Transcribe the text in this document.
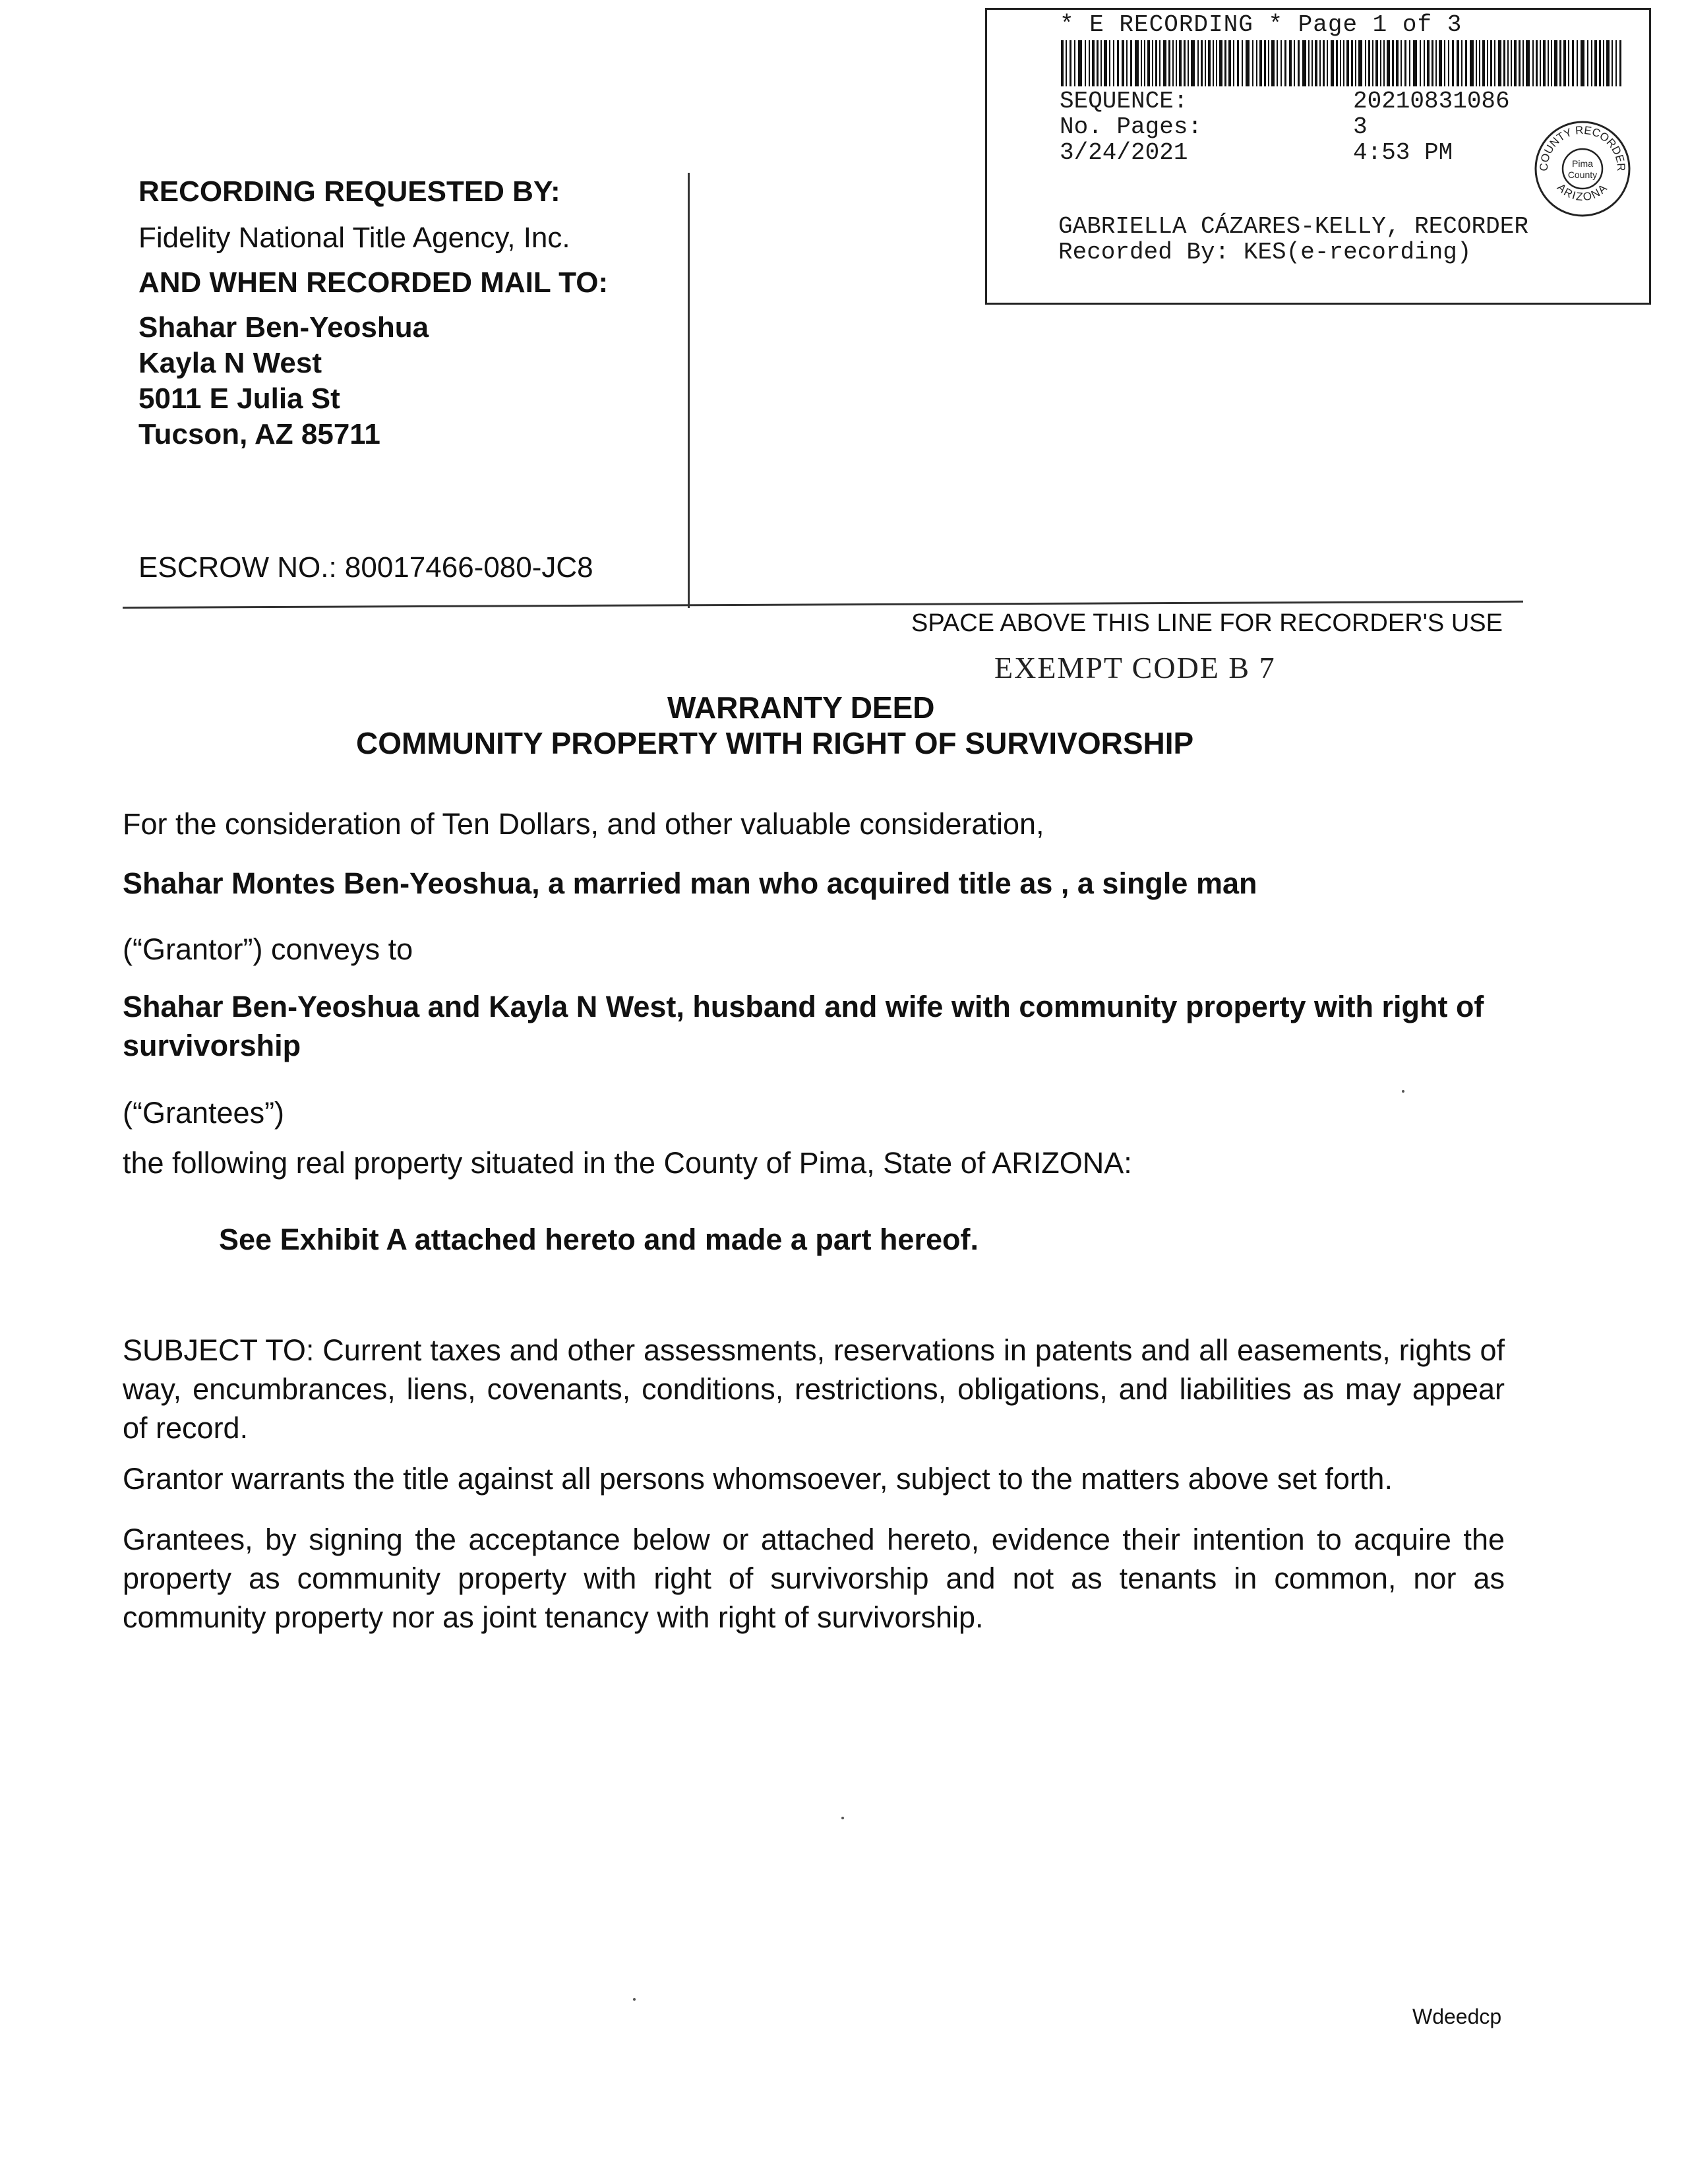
* E RECORDING * Page 1 of 3
SEQUENCE:	20210831086
No. Pages:	3
3/24/2021	4:53 PM
COUNTY RECORDER
ARIZONA
Pima
County
GABRIELLA CÁZARES-KELLY, RECORDER
Recorded By: KES(e-recording)
RECORDING REQUESTED BY:
Fidelity National Title Agency, Inc.
AND WHEN RECORDED MAIL TO:
Shahar Ben-Yeoshua
Kayla N West
5011 E Julia St
Tucson, AZ 85711
ESCROW NO.: 80017466-080-JC8
SPACE ABOVE THIS LINE FOR RECORDER'S USE
EXEMPT CODE B 7
WARRANTY DEED
COMMUNITY PROPERTY WITH RIGHT OF SURVIVORSHIP
For the consideration of Ten Dollars, and other valuable consideration,
Shahar Montes Ben-Yeoshua, a married man who acquired title as , a single man
(“Grantor”) conveys to
Shahar Ben-Yeoshua and Kayla N West, husband and wife with community property with right of survivorship
(“Grantees”)
the following real property situated in the County of Pima, State of ARIZONA:
See Exhibit A attached hereto and made a part hereof.
SUBJECT TO: Current taxes and other assessments, reservations in patents and all easements, rights of way, encumbrances, liens, covenants, conditions, restrictions, obligations, and liabilities as may appear of record.
Grantor warrants the title against all persons whomsoever, subject to the matters above set forth.
Grantees, by signing the acceptance below or attached hereto, evidence their intention to acquire the property as community property with right of survivorship and not as tenants in common, nor as community property nor as joint tenancy with right of survivorship.
Wdeedcp
